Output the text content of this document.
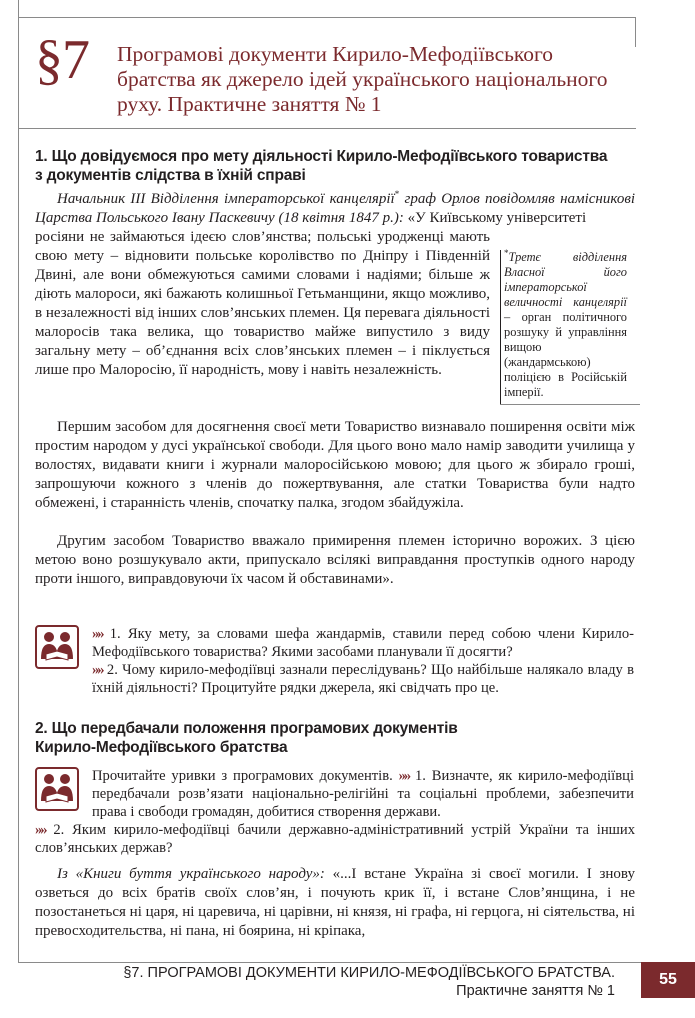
§7 Програмові документи Кирило-Мефодіївського братства як джерело ідей українського національного руху. Практичне заняття № 1
1. Що довідуємося про мету діяльності Кирило-Мефодіївського товариства
з документів слідства в їхній справі
Начальник ІІІ Відділення імператорської канцелярії* граф Орлов повідомляв намісникові Царства Польського Івану Паскевичу (18 квітня 1847 р.): «У Київському університеті
росіяни не займаються ідеєю слов’янства; польські уродженці мають свою мету – відновити польське королівство по Дніпру і Південній Двині, але вони обмежуються самими словами і надіями; більше ж діють малороси, які бажають колишньої Гетьманщини, якщо можливо, в незалежності від інших слов’янських племен. Ця перевага діяльності малоросів така велика, що товариство майже випустило з виду загальну мету – об’єднання всіх слов’янських племен – і піклується лише про Малоросію, її народність, мову і навіть незалежність.
*Третє відділення Власної його імператорської величності канцелярії – орган політичного розшуку й управління вищою (жандармською) поліцією в Російській імперії.
Першим засобом для досягнення своєї мети Товариство визнавало поширення освіти між простим народом у дусі української свободи. Для цього воно мало намір заводити училища у волостях, видавати книги і журнали малоросійською мовою; для цього ж збирало гроші, запрошуючи кожного з членів до пожертвування, але статки Товариства були надто обмежені, і старанність членів, спочатку палка, згодом збайдужіла.
Другим засобом Товариство вважало примирення племен історично ворожих. З цією метою воно розшукувало акти, припускало всілякі виправдання проступків одного народу проти іншого, виправдовуючи їх часом й обставинами».
»» 1. Яку мету, за словами шефа жандармів, ставили перед собою члени Кирило-Мефодіївського товариства? Якими засобами планували її досягти?
»» 2. Чому кирило-мефодіївці зазнали переслідувань? Що найбільше налякало владу в їхній діяльності? Процитуйте рядки джерела, які свідчать про це.
2. Що передбачали положення програмових документів
Кирило-Мефодіївського братства
Прочитайте уривки з програмових документів. »» 1. Визначте, як кирило-мефодіївці передбачали розв’язати національно-релігійні та соціальні проблеми, забезпечити права і свободи громадян, добитися створення держави.
»» 2. Яким кирило-мефодіївці бачили державно-адміністративний устрій України та інших слов’янських держав?
Із «Книги буття українського народу»: «...І встане Україна зі своєї могили. І знову озветься до всіх братів своїх слов’ян, і почують крик її, і встане Слов’янщина, і не позостанеться ні царя, ні царевича, ні царівни, ні князя, ні графа, ні герцога, ні сіятельства, ні превосходительства, ні пана, ні боярина, ні кріпака,
§7. ПРОГРАМОВІ ДОКУМЕНТИ КИРИЛО-МЕФОДІЇВСЬКОГО БРАТСТВА.
Практичне заняття № 1
55
